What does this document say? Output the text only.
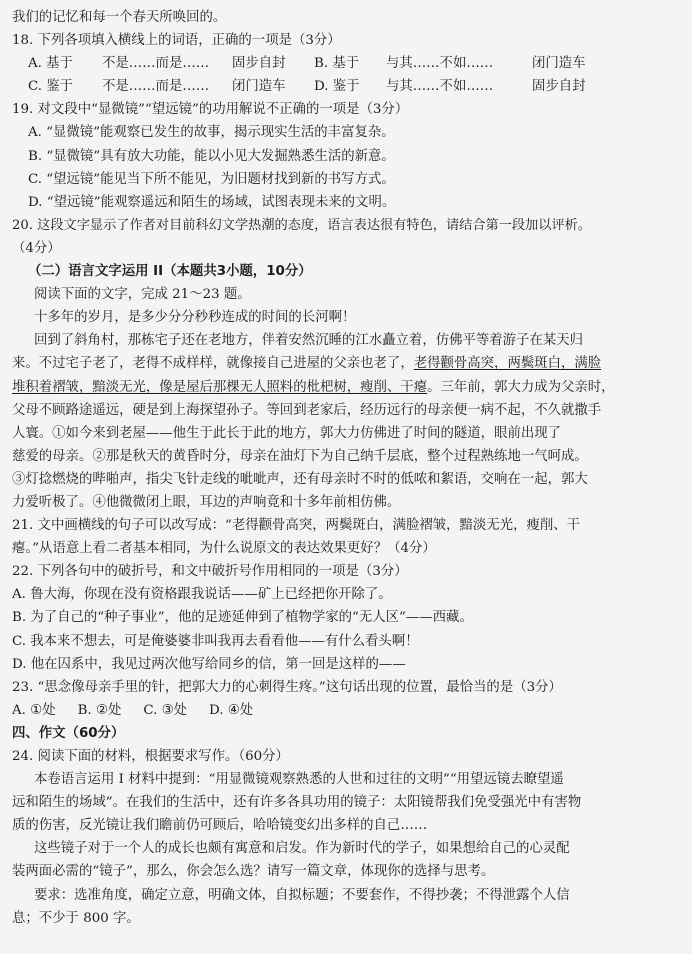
我们的记忆和每一个春天所唤回的。
18. 下列各项填入横线上的词语，正确的一项是（3分）
A. 基于 不是……而是…… 固步自封 B. 基于 与其……不如……	闭门造车
C. 鉴于 不是……而是…… 闭门造车 D. 鉴于 与其……不如……	固步自封
19. 对文段中“显微镜”“望远镜”的功用解说不正确的一项是（3分）
A. “显微镜”能观察已发生的故事，揭示现实生活的丰富复杂。
B. “显微镜”具有放大功能，能以小见大发掘熟悉生活的新意。
C. “望远镜”能见当下所不能见，为旧题材找到新的书写方式。
D. “望远镜”能观察遥远和陌生的场域，试图表现未来的文明。
20. 这段文字显示了作者对目前科幻文学热潮的态度，语言表达很有特色，请结合第一段加以评析。
（4分）
（二）语言文字运用 II（本题共3小题，10分）
阅读下面的文字，完成 21～23 题。
十多年的岁月，是多少分分秒秒连成的时间的长河啊！
回到了斜角村，那栋宅子还在老地方，伴着安然沉睡的江水矗立着，仿佛平等着游子在某天归
来。不过宅子老了，老得不成样样，就像接自己进屋的父亲也老了，老得颧骨高突，两鬓斑白，满脸
堆积着褶皱，黯淡无光，像是屋后那棵无人照料的枇杷树，瘦削、干瘪。三年前，郭大力成为父亲时，
父母不顾路途遥远，硬是到上海探望孙子。等回到老家后，经历远行的母亲便一病不起，不久就撒手
人寰。①如今来到老屋——他生于此长于此的地方，郭大力仿佛进了时间的隧道，眼前出现了
慈爱的母亲。②那是秋天的黄昏时分，母亲在油灯下为自己纳千层底，整个过程熟练地一气呵成。
③灯捻燃烧的哔啪声，指尖飞针走线的呲呲声，还有母亲时不时的低哝和絮语，交响在一起，郭大
力爱听极了。④他微微闭上眼，耳边的声响竟和十多年前相仿佛。
21. 文中画横线的句子可以改写成：“老得颧骨高突，两鬓斑白，满脸褶皱，黯淡无光，瘦削、干
瘪。”从语意上看二者基本相同，为什么说原文的表达效果更好？（4分）
22. 下列各句中的破折号，和文中破折号作用相同的一项是（3分）
A. 鲁大海，你现在没有资格跟我说话——矿上已经把你开除了。
B. 为了自己的“种子事业”，他的足迹延伸到了植物学家的“无人区”——西藏。
C. 我本来不想去，可是俺婆婆非叫我再去看看他——有什么看头啊！
D. 他在囚系中，我见过两次他写给同乡的信，第一回是这样的——
23. “思念像母亲手里的针，把郭大力的心刺得生疼。”这句话出现的位置，最恰当的是（3分）
A. ①处 B. ②处 C. ③处 D. ④处
四、作文（60分）
24. 阅读下面的材料，根据要求写作。（60分）
本卷语言运用 I 材料中提到：“用显微镜观察熟悉的人世和过往的文明”“用望远镜去瞭望遥
远和陌生的场域”。在我们的生活中，还有许多各具功用的镜子：太阳镜帮我们免受强光中有害物
质的伤害，反光镜让我们瞻前仍可顾后，哈哈镜变幻出多样的自己……
这些镜子对于一个人的成长也颇有寓意和启发。作为新时代的学子，如果想给自己的心灵配
装两面必需的“镜子”，那么，你会怎么选？请写一篇文章，体现你的选择与思考。
要求：选准角度，确定立意，明确文体，自拟标题；不要套作，不得抄袭；不得泄露个人信
息；不少于 800 字。
